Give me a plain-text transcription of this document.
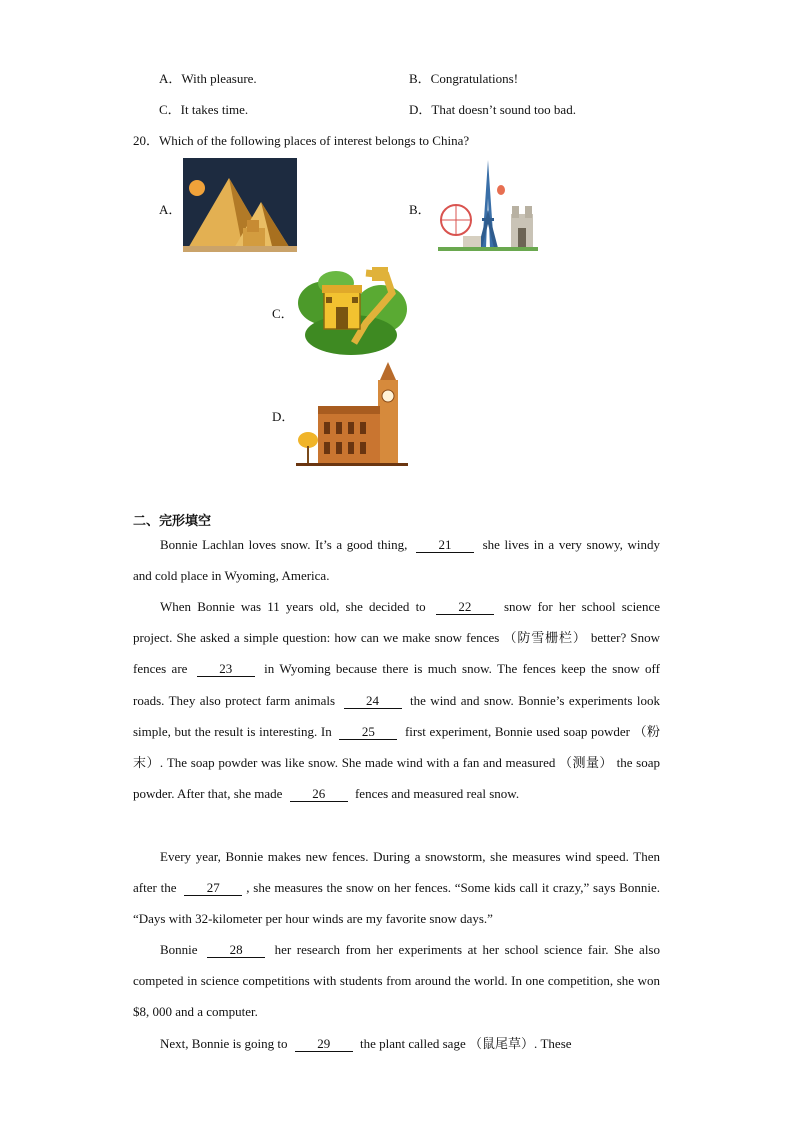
A．With pleasure.	B．Congratulations!
C．It takes time.	D．That doesn’t sound too bad.
20．Which of the following places of interest belongs to China?
A．	B．
C．
D．
二、完形填空
Bonnie Lachlan loves snow. It’s a good thing, 21 she lives in a very snowy, windy and cold place in Wyoming, America.
When Bonnie was 11 years old, she decided to 22 snow for her school science project. She asked a simple question: how can we make snow fences （防雪栅栏） better? Snow fences are 23 in Wyoming because there is much snow. The fences keep the snow off roads. They also protect farm animals 24 the wind and snow. Bonnie’s experiments look simple, but the result is interesting. In 25 first experiment, Bonnie used soap powder （粉末）. The soap powder was like snow. She made wind with a fan and measured （测量） the soap powder. After that, she made 26 fences and measured real snow.
Every year, Bonnie makes new fences. During a snowstorm, she measures wind speed. Then after the 27 , she measures the snow on her fences. “Some kids call it crazy,” says Bonnie. “Days with 32-kilometer per hour winds are my favorite snow days.”
Bonnie 28 her research from her experiments at her school science fair. She also competed in science competitions with students from around the world. In one competition, she won $8, 000 and a computer.
Next, Bonnie is going to 29 the plant called sage （鼠尾草）. These
